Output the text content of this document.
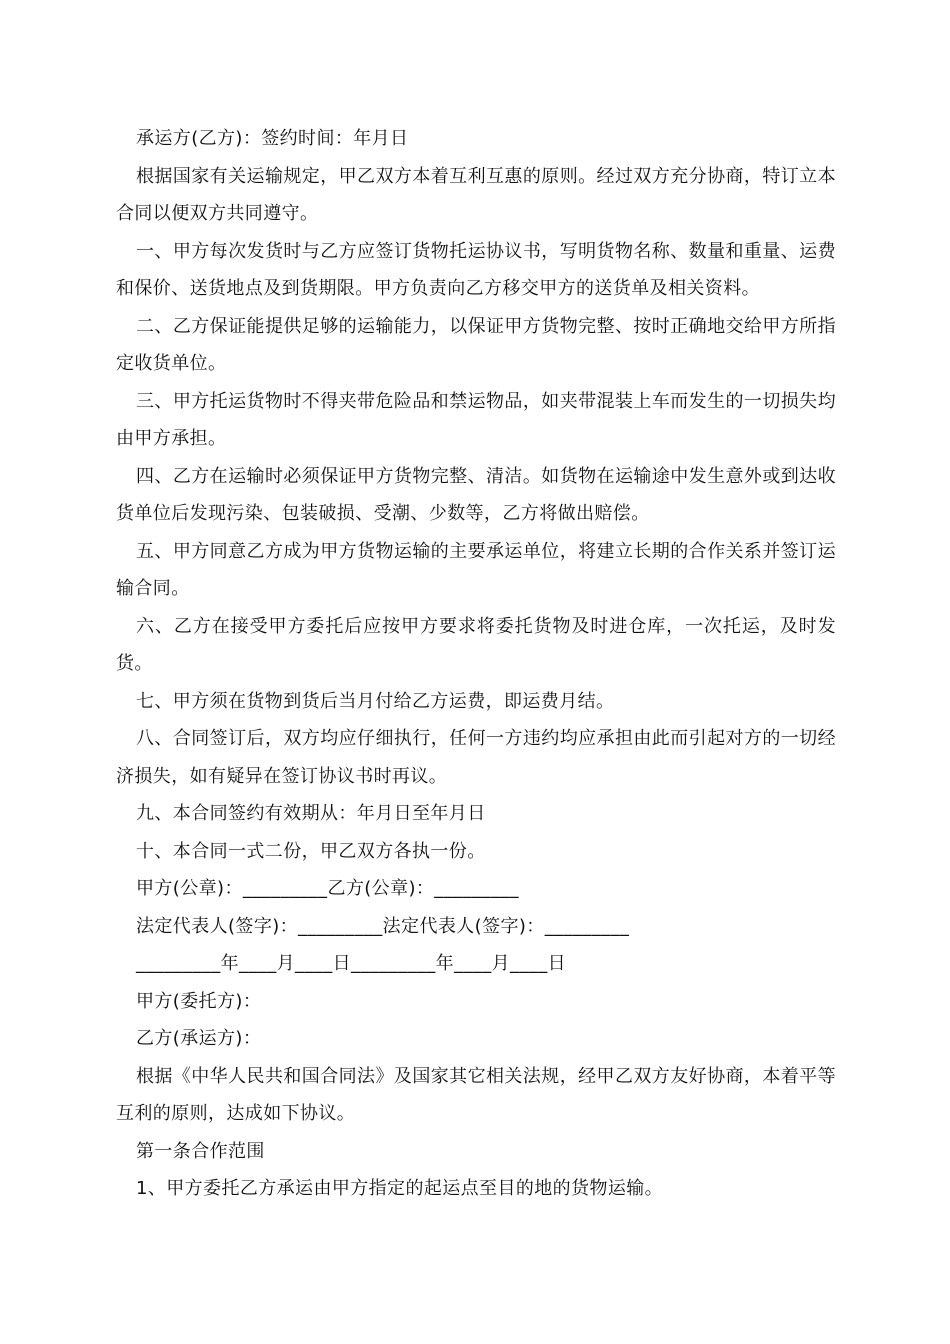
承运方(乙方)：签约时间：年月日

根据国家有关运输规定，甲乙双方本着互利互惠的原则。经过双方充分协商，特订立本合同以便双方共同遵守。

一、甲方每次发货时与乙方应签订货物托运协议书，写明货物名称、数量和重量、运费和保价、送货地点及到货期限。甲方负责向乙方移交甲方的送货单及相关资料。

二、乙方保证能提供足够的运输能力，以保证甲方货物完整、按时正确地交给甲方所指定收货单位。

三、甲方托运货物时不得夹带危险品和禁运物品，如夹带混装上车而发生的一切损失均由甲方承担。

四、乙方在运输时必须保证甲方货物完整、清洁。如货物在运输途中发生意外或到达收货单位后发现污染、包装破损、受潮、少数等，乙方将做出赔偿。

五、甲方同意乙方成为甲方货物运输的主要承运单位，将建立长期的合作关系并签订运输合同。

六、乙方在接受甲方委托后应按甲方要求将委托货物及时进仓库，一次托运，及时发货。

七、甲方须在货物到货后当月付给乙方运费，即运费月结。

八、合同签订后，双方均应仔细执行，任何一方违约均应承担由此而引起对方的一切经济损失，如有疑异在签订协议书时再议。

九、本合同签约有效期从：年月日至年月日

十、本合同一式二份，甲乙双方各执一份。

甲方(公章)：_________乙方(公章)：_________

法定代表人(签字)：_________法定代表人(签字)：_________

_________年____月____日_________年____月____日

甲方(委托方)：

乙方(承运方)：

根据《中华人民共和国合同法》及国家其它相关法规，经甲乙双方友好协商，本着平等互利的原则，达成如下协议。

第一条合作范围

1、甲方委托乙方承运由甲方指定的起运点至目的地的货物运输。
